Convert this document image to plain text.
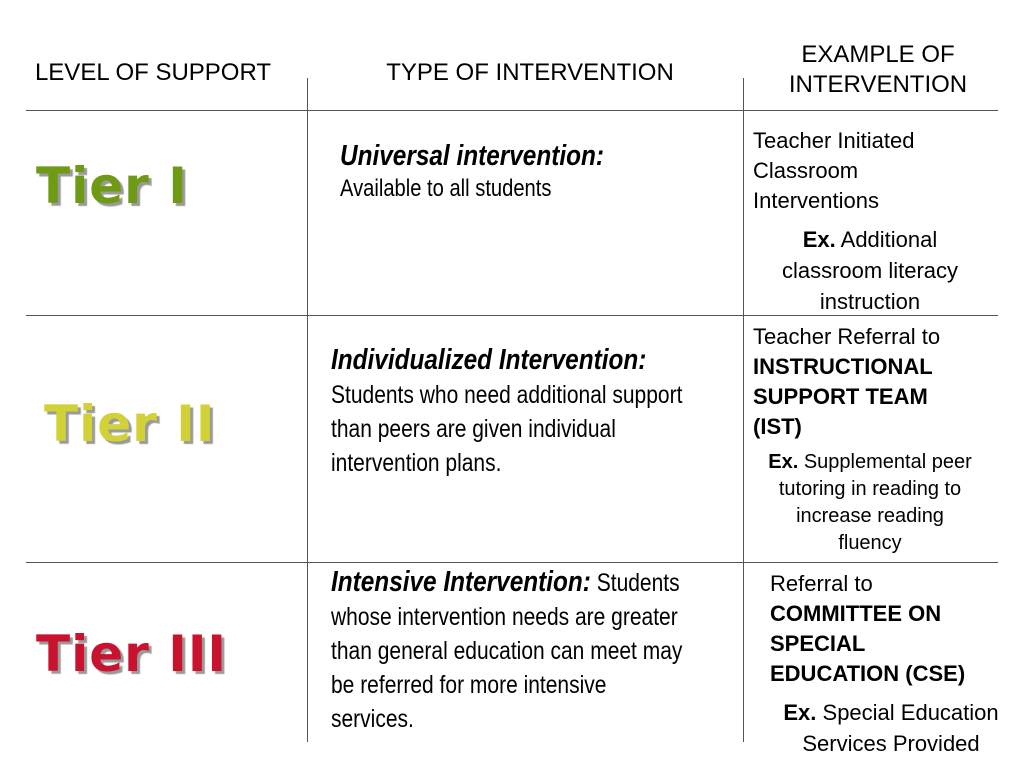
LEVEL OF SUPPORT	TYPE OF INTERVENTION
EXAMPLE OF
INTERVENTION
Tier I
Universal intervention:
Available to all students
Teacher Initiated
Classroom
Interventions
Ex. Additional
classroom literacy
instruction
Tier II
Individualized Intervention:
Students who need additional support
than peers are given individual
intervention plans.
Teacher Referral to
INSTRUCTIONAL
SUPPORT TEAM
(IST)
Ex. Supplemental peer
tutoring in reading to
increase reading
fluency
Tier III
Intensive Intervention: Students
whose intervention needs are greater
than general education can meet may
be referred for more intensive
services.
Referral to
COMMITTEE ON
SPECIAL
EDUCATION (CSE)
Ex. Special Education
Services Provided
